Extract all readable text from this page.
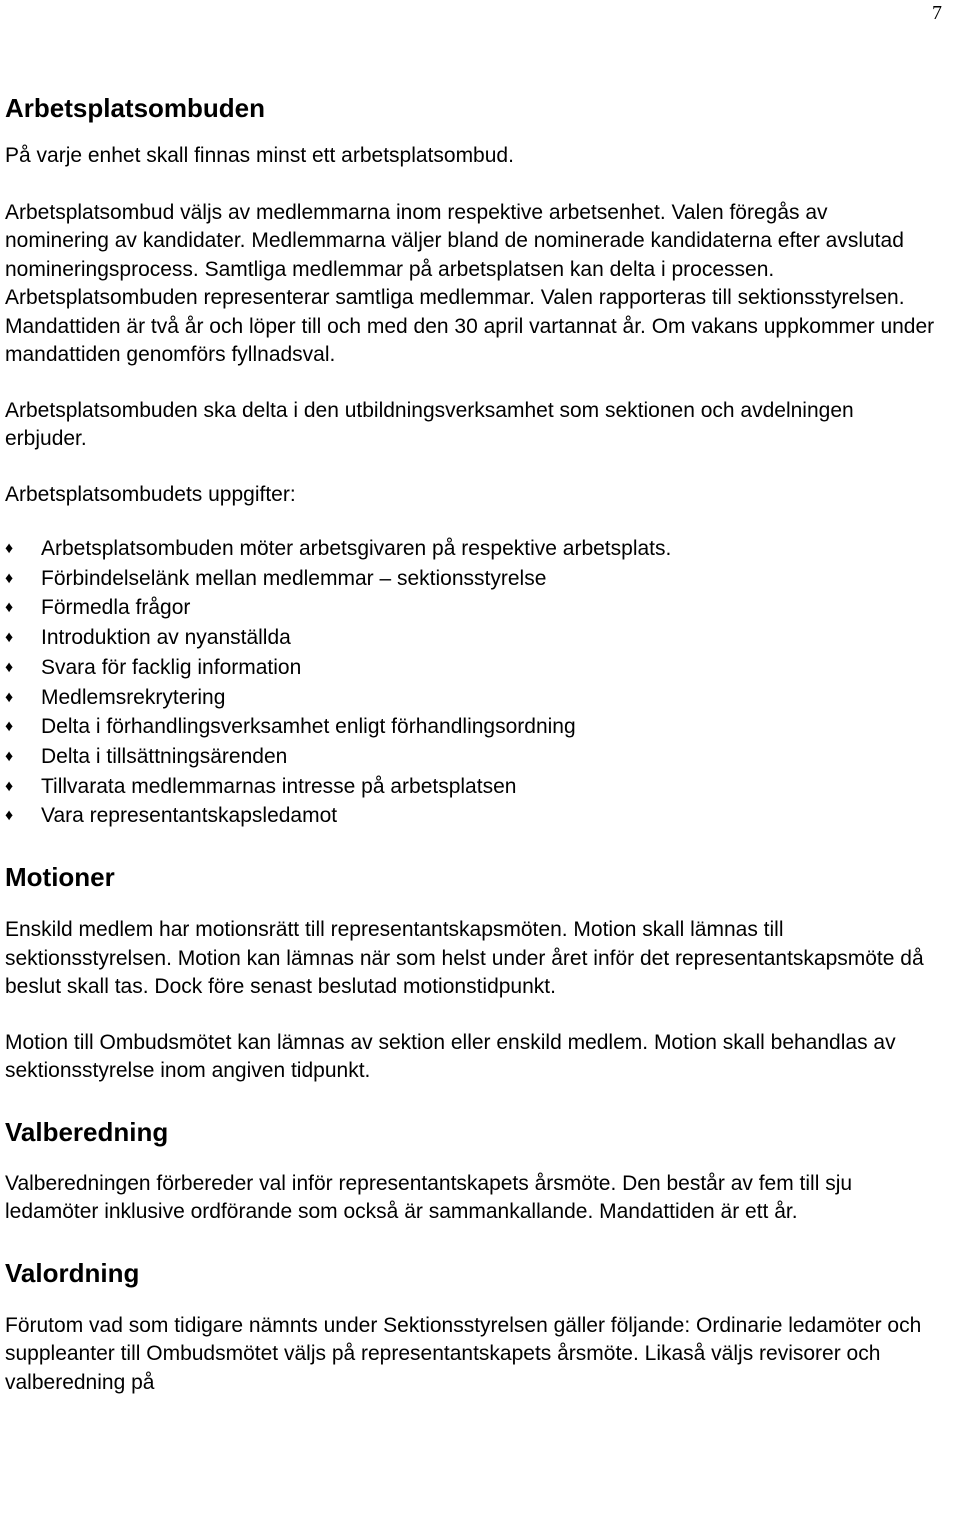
7
Arbetsplatsombuden

På varje enhet skall finnas minst ett arbetsplatsombud.

Arbetsplatsombud väljs av medlemmarna inom respektive arbetsenhet. Valen föregås av nominering av kandidater. Medlemmarna väljer bland de nominerade kandidaterna efter avslutad nomineringsprocess. Samtliga medlemmar på arbetsplatsen kan delta i processen. Arbetsplatsombuden representerar samtliga medlemmar. Valen rapporteras till sektionsstyrelsen. Mandattiden är två år och löper till och med den 30 april vartannat år. Om vakans uppkommer under mandattiden genomförs fyllnadsval.

Arbetsplatsombuden ska delta i den utbildningsverksamhet som sektionen och avdelningen erbjuder.

Arbetsplatsombudets uppgifter:

♦	Arbetsplatsombuden möter arbetsgivaren på respektive arbetsplats.
♦	Förbindelselänk mellan medlemmar – sektionsstyrelse
♦	Förmedla frågor
♦	Introduktion av nyanställda
♦	Svara för facklig information
♦	Medlemsrekrytering
♦	Delta i förhandlingsverksamhet enligt förhandlingsordning
♦	Delta i tillsättningsärenden
♦	Tillvarata medlemmarnas intresse på arbetsplatsen
♦	Vara representantskapsledamot
Motioner

Enskild medlem har motionsrätt till representantskapsmöten. Motion skall lämnas till sektionsstyrelsen. Motion kan lämnas när som helst under året inför det representantskapsmöte då beslut skall tas. Dock före senast beslutad motionstidpunkt.

Motion till Ombudsmötet kan lämnas av sektion eller enskild medlem. Motion skall behandlas av sektionsstyrelse inom angiven tidpunkt.

Valberedning

Valberedningen förbereder val inför representantskapets årsmöte. Den består av fem till sju ledamöter inklusive ordförande som också är sammankallande. Mandattiden är ett år.

Valordning

Förutom vad som tidigare nämnts under Sektionsstyrelsen gäller följande: Ordinarie ledamöter och suppleanter till Ombudsmötet väljs på representantskapets årsmöte. Likaså väljs revisorer och valberedning på
